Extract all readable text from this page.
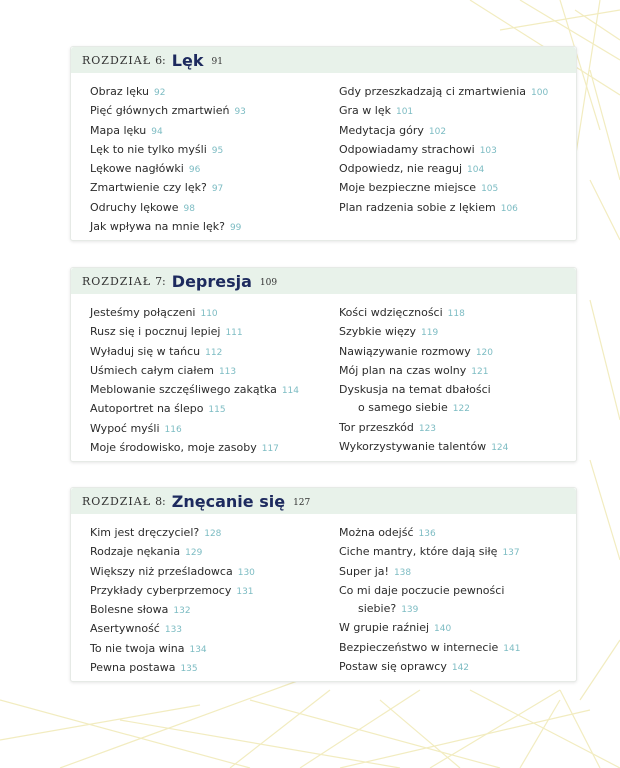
ROZDZIAŁ 6: Lęk 91
Obraz lęku 92
Pięć głównych zmartwień 93
Mapa lęku 94
Lęk to nie tylko myśli 95
Lękowe nagłówki 96
Zmartwienie czy lęk? 97
Odruchy lękowe 98
Jak wpływa na mnie lęk? 99
Gdy przeszkadzają ci zmartwienia 100
Gra w lęk 101
Medytacja góry 102
Odpowiadamy strachowi 103
Odpowiedz, nie reaguj 104
Moje bezpieczne miejsce 105
Plan radzenia sobie z lękiem 106
ROZDZIAŁ 7: Depresja 109
Jesteśmy połączeni 110
Rusz się i pocznuj lepiej 111
Wyładuj się w tańcu 112
Uśmiech całym ciałem 113
Meblowanie szczęśliwego zakątka 114
Autoportret na ślepo 115
Wypoć myśli 116
Moje środowisko, moje zasoby 117
Kości wdzięczności 118
Szybkie więzy 119
Nawiązywanie rozmowy 120
Mój plan na czas wolny 121
Dyskusja na temat dbałości
o samego siebie 122
Tor przeszkód 123
Wykorzystywanie talentów 124
ROZDZIAŁ 8: Znęcanie się 127
Kim jest dręczyciel? 128
Rodzaje nękania 129
Większy niż prześladowca 130
Przykłady cyberprzemocy 131
Bolesne słowa 132
Asertywność 133
To nie twoja wina 134
Pewna postawa 135
Można odejść 136
Ciche mantry, które dają siłę 137
Super ja! 138
Co mi daje poczucie pewności
siebie? 139
W grupie raźniej 140
Bezpieczeństwo w internecie 141
Postaw się oprawcy 142
